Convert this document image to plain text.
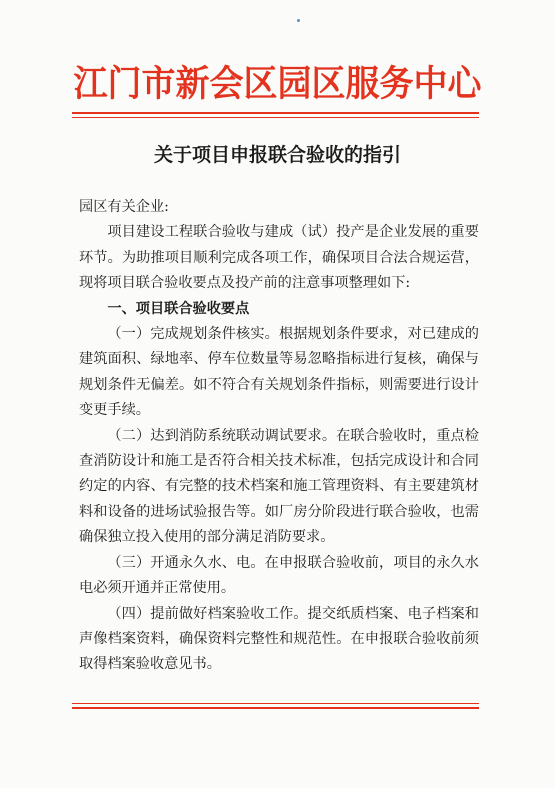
江门市新会区园区服务中心
关于项目申报联合验收的指引

园区有关企业:

项目建设工程联合验收与建成（试）投产是企业发展的重要环节。为助推项目顺利完成各项工作，确保项目合法合规运营，现将项目联合验收要点及投产前的注意事项整理如下:

一、项目联合验收要点

（一）完成规划条件核实。根据规划条件要求，对已建成的建筑面积、绿地率、停车位数量等易忽略指标进行复核，确保与规划条件无偏差。如不符合有关规划条件指标，则需要进行设计变更手续。

（二）达到消防系统联动调试要求。在联合验收时，重点检查消防设计和施工是否符合相关技术标准，包括完成设计和合同约定的内容、有完整的技术档案和施工管理资料、有主要建筑材料和设备的进场试验报告等。如厂房分阶段进行联合验收，也需确保独立投入使用的部分满足消防要求。

（三）开通永久水、电。在申报联合验收前，项目的永久水电必须开通并正常使用。

（四）提前做好档案验收工作。提交纸质档案、电子档案和声像档案资料，确保资料完整性和规范性。在申报联合验收前须取得档案验收意见书。
